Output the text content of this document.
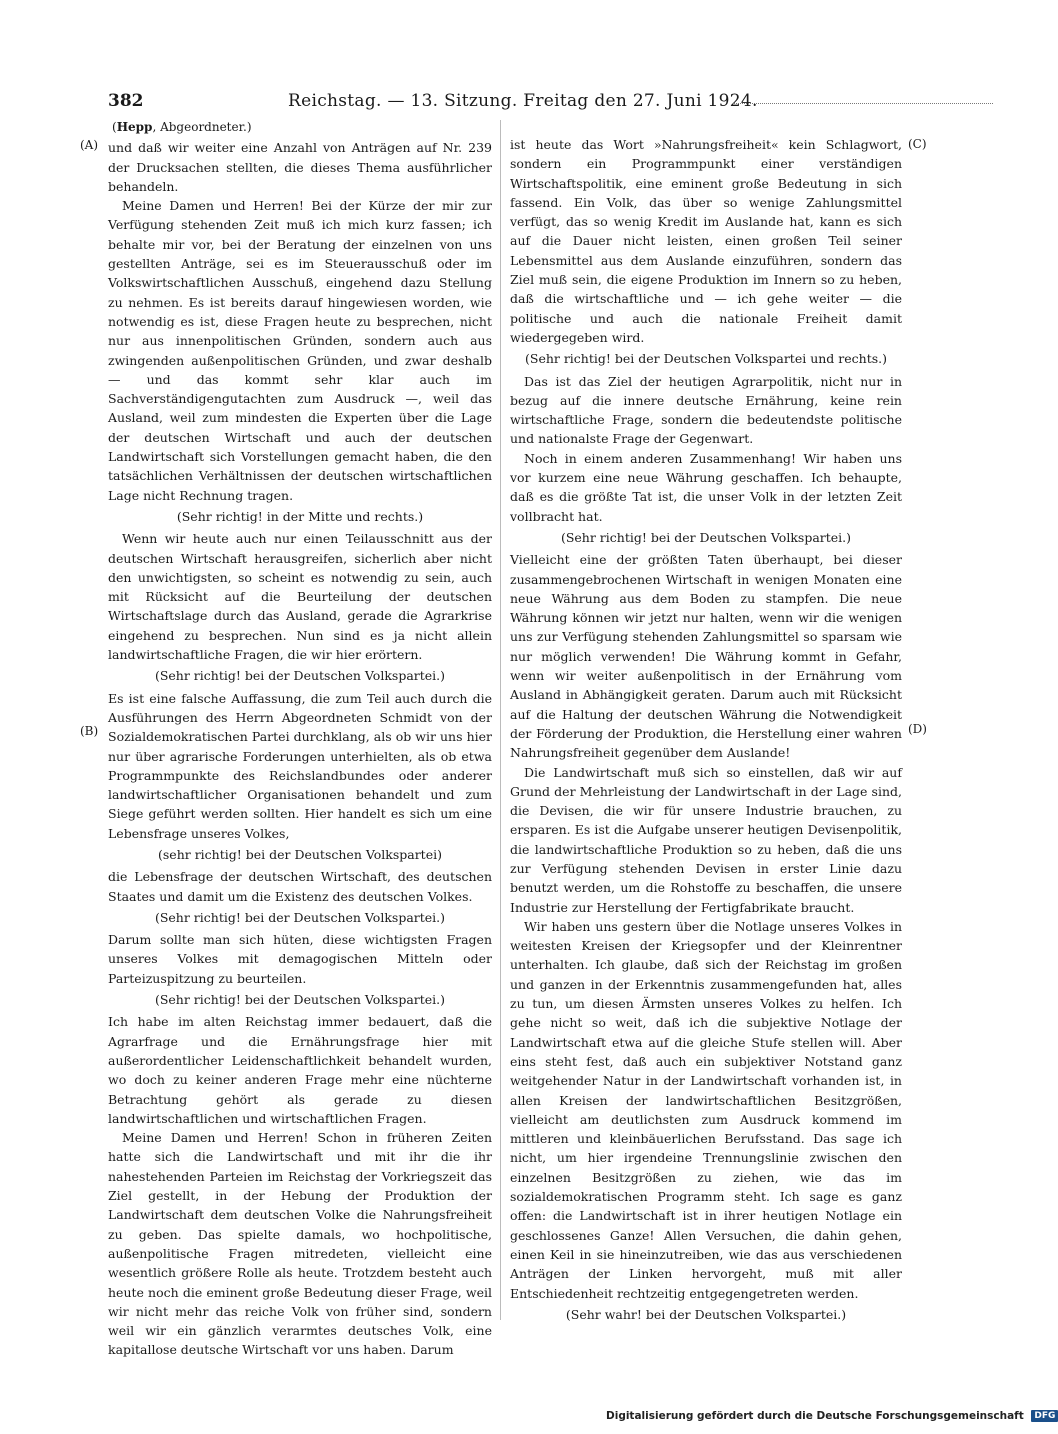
382	Reichstag. — 13. Sitzung. Freitag den 27. Juni 1924.
(A)
(B)
(C)
(D)
(Hepp, Abgeordneter.)

und daß wir weiter eine Anzahl von Anträgen auf Nr. 239 der Drucksachen stellten, die dieses Thema ausführlicher behandeln.

Meine Damen und Herren! Bei der Kürze der mir zur Verfügung stehenden Zeit muß ich mich kurz fassen; ich behalte mir vor, bei der Beratung der einzelnen von uns gestellten Anträge, sei es im Steuerausschuß oder im Volkswirtschaftlichen Ausschuß, eingehend dazu Stellung zu nehmen. Es ist bereits darauf hingewiesen worden, wie notwendig es ist, diese Fragen heute zu besprechen, nicht nur aus innenpolitischen Gründen, sondern auch aus zwingenden außenpolitischen Gründen, und zwar deshalb — und das kommt sehr klar auch im Sachverständigengutachten zum Ausdruck —, weil das Ausland, weil zum mindesten die Experten über die Lage der deutschen Wirtschaft und auch der deutschen Landwirtschaft sich Vorstellungen gemacht haben, die den tatsächlichen Verhältnissen der deutschen wirtschaftlichen Lage nicht Rechnung tragen.

(Sehr richtig! in der Mitte und rechts.)

Wenn wir heute auch nur einen Teilausschnitt aus der deutschen Wirtschaft herausgreifen, sicherlich aber nicht den unwichtigsten, so scheint es notwendig zu sein, auch mit Rücksicht auf die Beurteilung der deutschen Wirtschaftslage durch das Ausland, gerade die Agrarkrise eingehend zu besprechen. Nun sind es ja nicht allein landwirtschaftliche Fragen, die wir hier erörtern.

(Sehr richtig! bei der Deutschen Volkspartei.)

Es ist eine falsche Auffassung, die zum Teil auch durch die Ausführungen des Herrn Abgeordneten Schmidt von der Sozialdemokratischen Partei durchklang, als ob wir uns hier nur über agrarische Forderungen unterhielten, als ob etwa Programmpunkte des Reichslandbundes oder anderer landwirtschaftlicher Organisationen behandelt und zum Siege geführt werden sollten. Hier handelt es sich um eine Lebensfrage unseres Volkes,

(sehr richtig! bei der Deutschen Volkspartei)

die Lebensfrage der deutschen Wirtschaft, des deutschen Staates und damit um die Existenz des deutschen Volkes.

(Sehr richtig! bei der Deutschen Volkspartei.)

Darum sollte man sich hüten, diese wichtigsten Fragen unseres Volkes mit demagogischen Mitteln oder Parteizuspitzung zu beurteilen.

(Sehr richtig! bei der Deutschen Volkspartei.)

Ich habe im alten Reichstag immer bedauert, daß die Agrarfrage und die Ernährungsfrage hier mit außerordentlicher Leidenschaftlichkeit behandelt wurden, wo doch zu keiner anderen Frage mehr eine nüchterne Betrachtung gehört als gerade zu diesen landwirtschaftlichen und wirtschaftlichen Fragen.

Meine Damen und Herren! Schon in früheren Zeiten hatte sich die Landwirtschaft und mit ihr die ihr nahestehenden Parteien im Reichstag der Vorkriegszeit das Ziel gestellt, in der Hebung der Produktion der Landwirtschaft dem deutschen Volke die Nahrungsfreiheit zu geben. Das spielte damals, wo hochpolitische, außenpolitische Fragen mitredeten, vielleicht eine wesentlich größere Rolle als heute. Trotzdem besteht auch heute noch die eminent große Bedeutung dieser Frage, weil wir nicht mehr das reiche Volk von früher sind, sondern weil wir ein gänzlich verarmtes deutsches Volk, eine kapitallose deutsche Wirtschaft vor uns haben. Darum

ist heute das Wort »Nahrungsfreiheit« kein Schlagwort, sondern ein Programmpunkt einer verständigen Wirtschaftspolitik, eine eminent große Bedeutung in sich fassend. Ein Volk, das über so wenige Zahlungsmittel verfügt, das so wenig Kredit im Auslande hat, kann es sich auf die Dauer nicht leisten, einen großen Teil seiner Lebensmittel aus dem Auslande einzuführen, sondern das Ziel muß sein, die eigene Produktion im Innern so zu heben, daß die wirtschaftliche und — ich gehe weiter — die politische und auch die nationale Freiheit damit wiedergegeben wird.

(Sehr richtig! bei der Deutschen Volkspartei und rechts.)

Das ist das Ziel der heutigen Agrarpolitik, nicht nur in bezug auf die innere deutsche Ernährung, keine rein wirtschaftliche Frage, sondern die bedeutendste politische und nationalste Frage der Gegenwart.

Noch in einem anderen Zusammenhang! Wir haben uns vor kurzem eine neue Währung geschaffen. Ich behaupte, daß es die größte Tat ist, die unser Volk in der letzten Zeit vollbracht hat.

(Sehr richtig! bei der Deutschen Volkspartei.)

Vielleicht eine der größten Taten überhaupt, bei dieser zusammengebrochenen Wirtschaft in wenigen Monaten eine neue Währung aus dem Boden zu stampfen. Die neue Währung können wir jetzt nur halten, wenn wir die wenigen uns zur Verfügung stehenden Zahlungsmittel so sparsam wie nur möglich verwenden! Die Währung kommt in Gefahr, wenn wir weiter außenpolitisch in der Ernährung vom Ausland in Abhängigkeit geraten. Darum auch mit Rücksicht auf die Haltung der deutschen Währung die Notwendigkeit der Förderung der Produktion, die Herstellung einer wahren Nahrungsfreiheit gegenüber dem Auslande!

Die Landwirtschaft muß sich so einstellen, daß wir auf Grund der Mehrleistung der Landwirtschaft in der Lage sind, die Devisen, die wir für unsere Industrie brauchen, zu ersparen. Es ist die Aufgabe unserer heutigen Devisenpolitik, die landwirtschaftliche Produktion so zu heben, daß die uns zur Verfügung stehenden Devisen in erster Linie dazu benutzt werden, um die Rohstoffe zu beschaffen, die unsere Industrie zur Herstellung der Fertigfabrikate braucht.

Wir haben uns gestern über die Notlage unseres Volkes in weitesten Kreisen der Kriegsopfer und der Kleinrentner unterhalten. Ich glaube, daß sich der Reichstag im großen und ganzen in der Erkenntnis zusammengefunden hat, alles zu tun, um diesen Ärmsten unseres Volkes zu helfen. Ich gehe nicht so weit, daß ich die subjektive Notlage der Landwirtschaft etwa auf die gleiche Stufe stellen will. Aber eins steht fest, daß auch ein subjektiver Notstand ganz weitgehender Natur in der Landwirtschaft vorhanden ist, in allen Kreisen der landwirtschaftlichen Besitzgrößen, vielleicht am deutlichsten zum Ausdruck kommend im mittleren und kleinbäuerlichen Berufsstand. Das sage ich nicht, um hier irgendeine Trennungslinie zwischen den einzelnen Besitzgrößen zu ziehen, wie das im sozialdemokratischen Programm steht. Ich sage es ganz offen: die Landwirtschaft ist in ihrer heutigen Notlage ein geschlossenes Ganze! Allen Versuchen, die dahin gehen, einen Keil in sie hineinzutreiben, wie das aus verschiedenen Anträgen der Linken hervorgeht, muß mit aller Entschiedenheit rechtzeitig entgegengetreten werden.

(Sehr wahr! bei der Deutschen Volkspartei.)

Digitalisierung gefördert durch die Deutsche Forschungsgemeinschaft DFG
